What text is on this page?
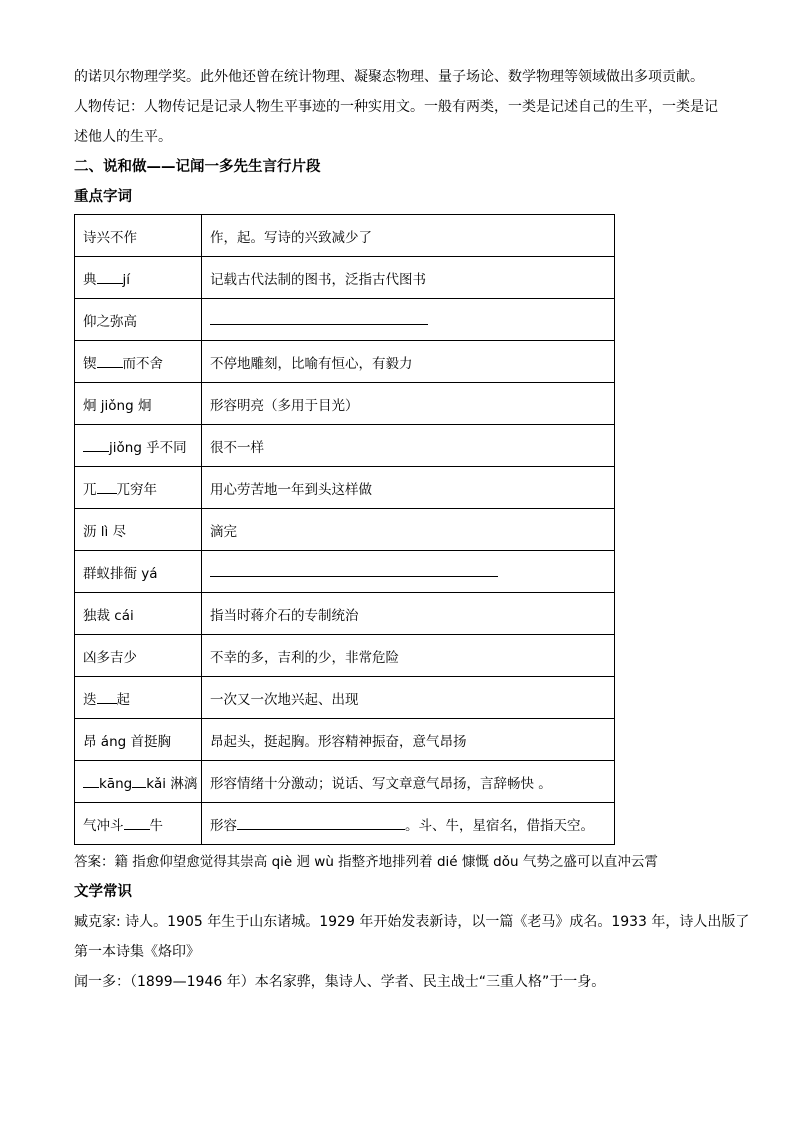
的诺贝尔物理学奖。此外他还曾在统计物理、凝聚态物理、量子场论、数学物理等领域做出多项贡献。

人物传记：人物传记是记录人物生平事迹的一种实用文。一般有两类，一类是记述自己的生平，一类是记述他人的生平。

二、说和做——记闻一多先生言行片段

重点字词

诗兴不作	作，起。写诗的兴致减少了
典 jí	记载古代法制的图书，泛指古代图书
仰之弥高	
锲 而不舍	不停地雕刻，比喻有恒心，有毅力
炯 jiǒng 炯	形容明亮（多用于目光）
jiǒng 乎不同	很不一样
兀 兀穷年	用心劳苦地一年到头这样做
沥 lì 尽	滴完
群蚁排衙 yá	
独裁 cái	指当时蒋介石的专制统治
凶多吉少	不幸的多，吉利的少，非常危险
迭 起	一次又一次地兴起、出现
昂 áng 首挺胸	昂起头，挺起胸。形容精神振奋，意气昂扬
kāng kǎi 淋漓	形容情绪十分激动；说话、写文章意气昂扬，言辞畅快 。
气冲斗 牛	形容 。斗、牛，星宿名，借指天空。

答案：籍 指愈仰望愈觉得其崇高 qiè 迥 wù 指整齐地排列着 dié 慷慨 dǒu 气势之盛可以直冲云霄

文学常识

臧克家: 诗人。1905 年生于山东诸城。1929 年开始发表新诗，以一篇《老马》成名。1933 年，诗人出版了

第一本诗集《烙印》

闻一多：（1899—1946 年）本名家骅，集诗人、学者、民主战士“三重人格”于一身。
